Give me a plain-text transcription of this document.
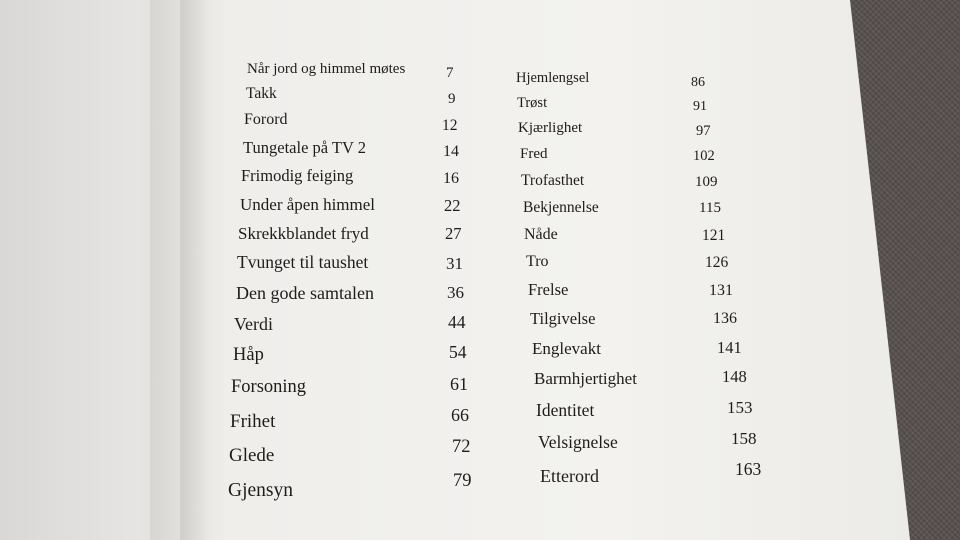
Når jord og himmel møtes
Takk
Forord
Tungetale på TV 2
Frimodig feiging
Under åpen himmel
Skrekkblandet fryd
Tvunget til taushet
Den gode samtalen
Verdi
Håp
Forsoning
Frihet
Glede
Gjensyn
7
9
12
14
16
22
27
31
36
44
54
61
66
72
79
Hjemlengsel
Trøst
Kjærlighet
Fred
Trofasthet
Bekjennelse
Nåde
Tro
Frelse
Tilgivelse
Englevakt
Barmhjertighet
Identitet
Velsignelse
Etterord
86
91
97
102
109
115
121
126
131
136
141
148
153
158
163
